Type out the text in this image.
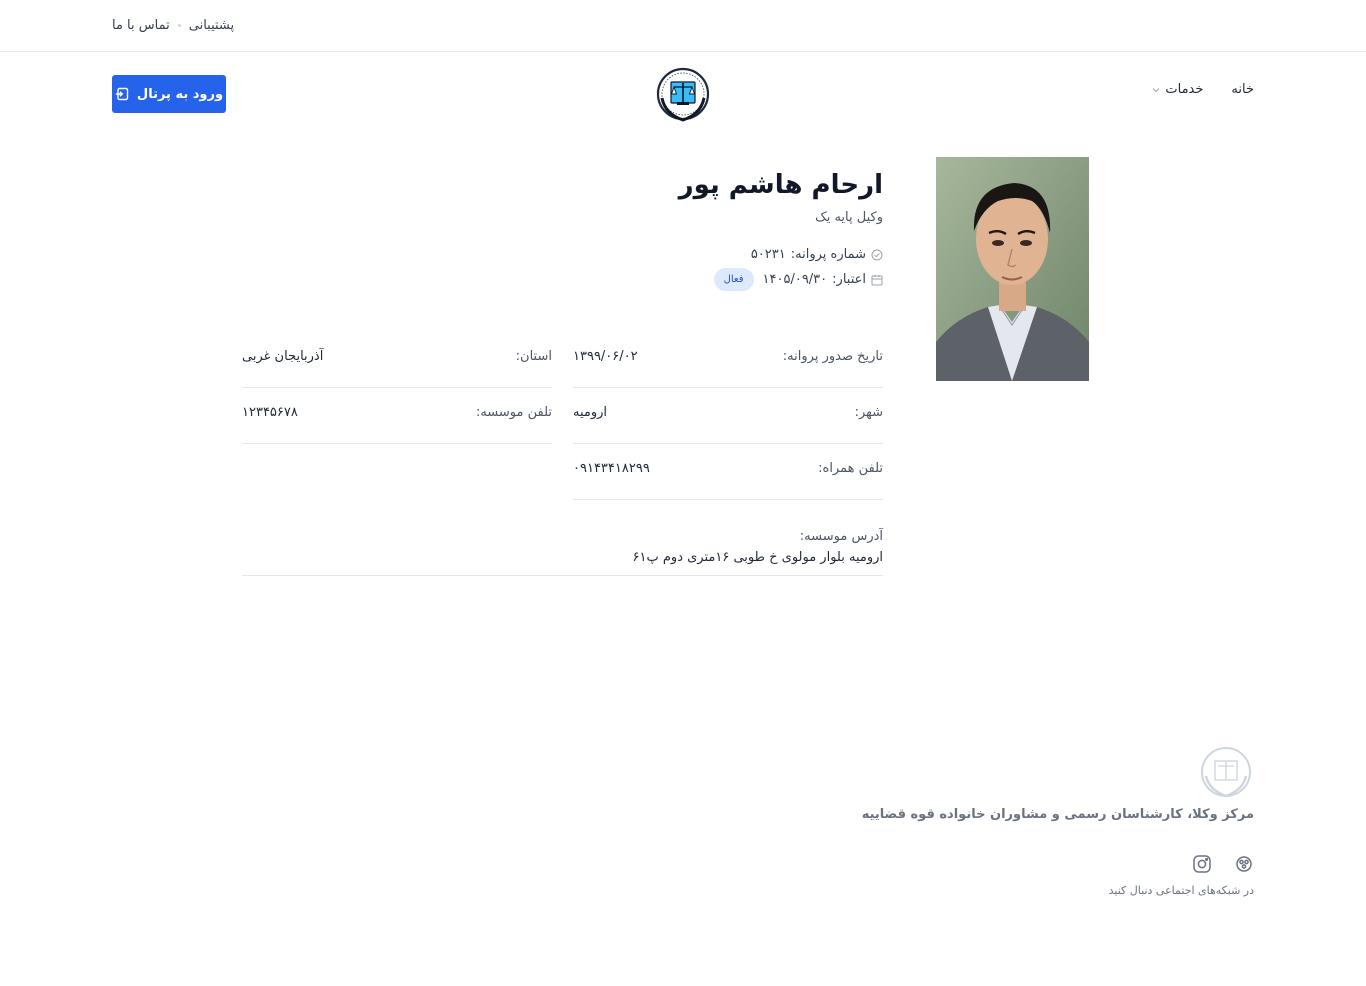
پشتیبانی
تماس با ما
ورود به پرتال	خانه
خدمات
ارحام هاشم پور
وکیل پایه یک
شماره پروانه:
۵۰۲۳۱
اعتبار:
۱۴۰۵/۰۹/۳۰
فعال
تاریخ صدور پروانه:
۱۳۹۹/۰۶/۰۲
استان:
آذربایجان غربی
شهر:
ارومیه
تلفن موسسه:
۱۲۳۴۵۶۷۸
تلفن همراه:
۰۹۱۴۳۴۱۸۲۹۹
آدرس موسسه:
ارومیه بلوار مولوی خ طوبی ۱۶متری دوم پ۶۱
مرکز وکلا، کارشناسان رسمی و مشاوران خانواده قوه قضاییه
در شبکه‌های اجتماعی دنبال کنید
